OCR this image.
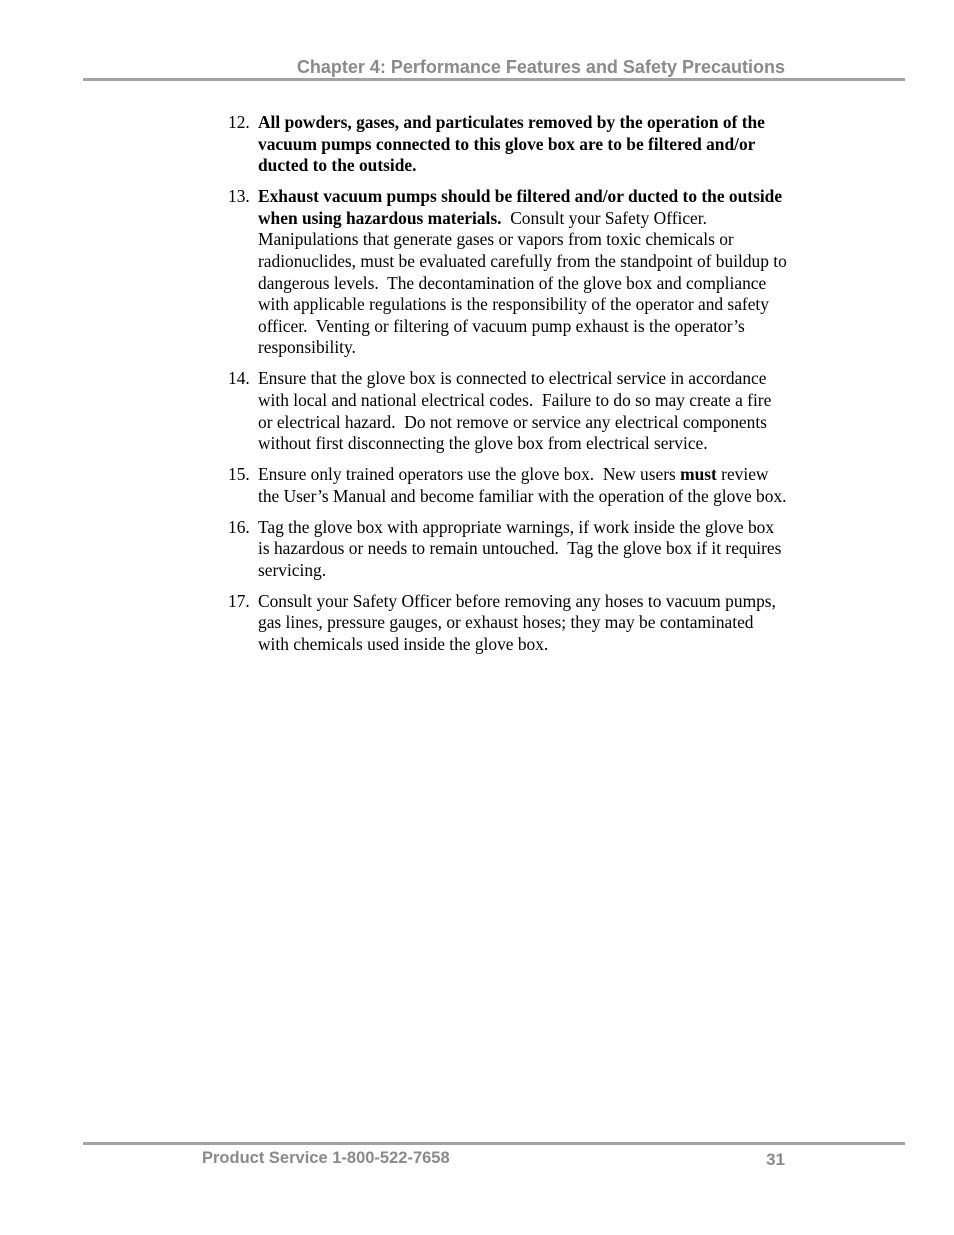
Chapter 4: Performance Features and Safety Precautions
12. All powders, gases, and particulates removed by the operation of the vacuum pumps connected to this glove box are to be filtered and/or ducted to the outside.
13. Exhaust vacuum pumps should be filtered and/or ducted to the outside when using hazardous materials.  Consult your Safety Officer.  Manipulations that generate gases or vapors from toxic chemicals or radionuclides, must be evaluated carefully from the standpoint of buildup to dangerous levels.  The decontamination of the glove box and compliance with applicable regulations is the responsibility of the operator and safety officer.  Venting or filtering of vacuum pump exhaust is the operator’s responsibility.
14. Ensure that the glove box is connected to electrical service in accordance with local and national electrical codes.  Failure to do so may create a fire or electrical hazard.  Do not remove or service any electrical components without first disconnecting the glove box from electrical service.
15. Ensure only trained operators use the glove box.  New users must review the User’s Manual and become familiar with the operation of the glove box.
16. Tag the glove box with appropriate warnings, if work inside the glove box is hazardous or needs to remain untouched.  Tag the glove box if it requires servicing.
17. Consult your Safety Officer before removing any hoses to vacuum pumps, gas lines, pressure gauges, or exhaust hoses; they may be contaminated with chemicals used inside the glove box.
Product Service 1-800-522-7658	31
